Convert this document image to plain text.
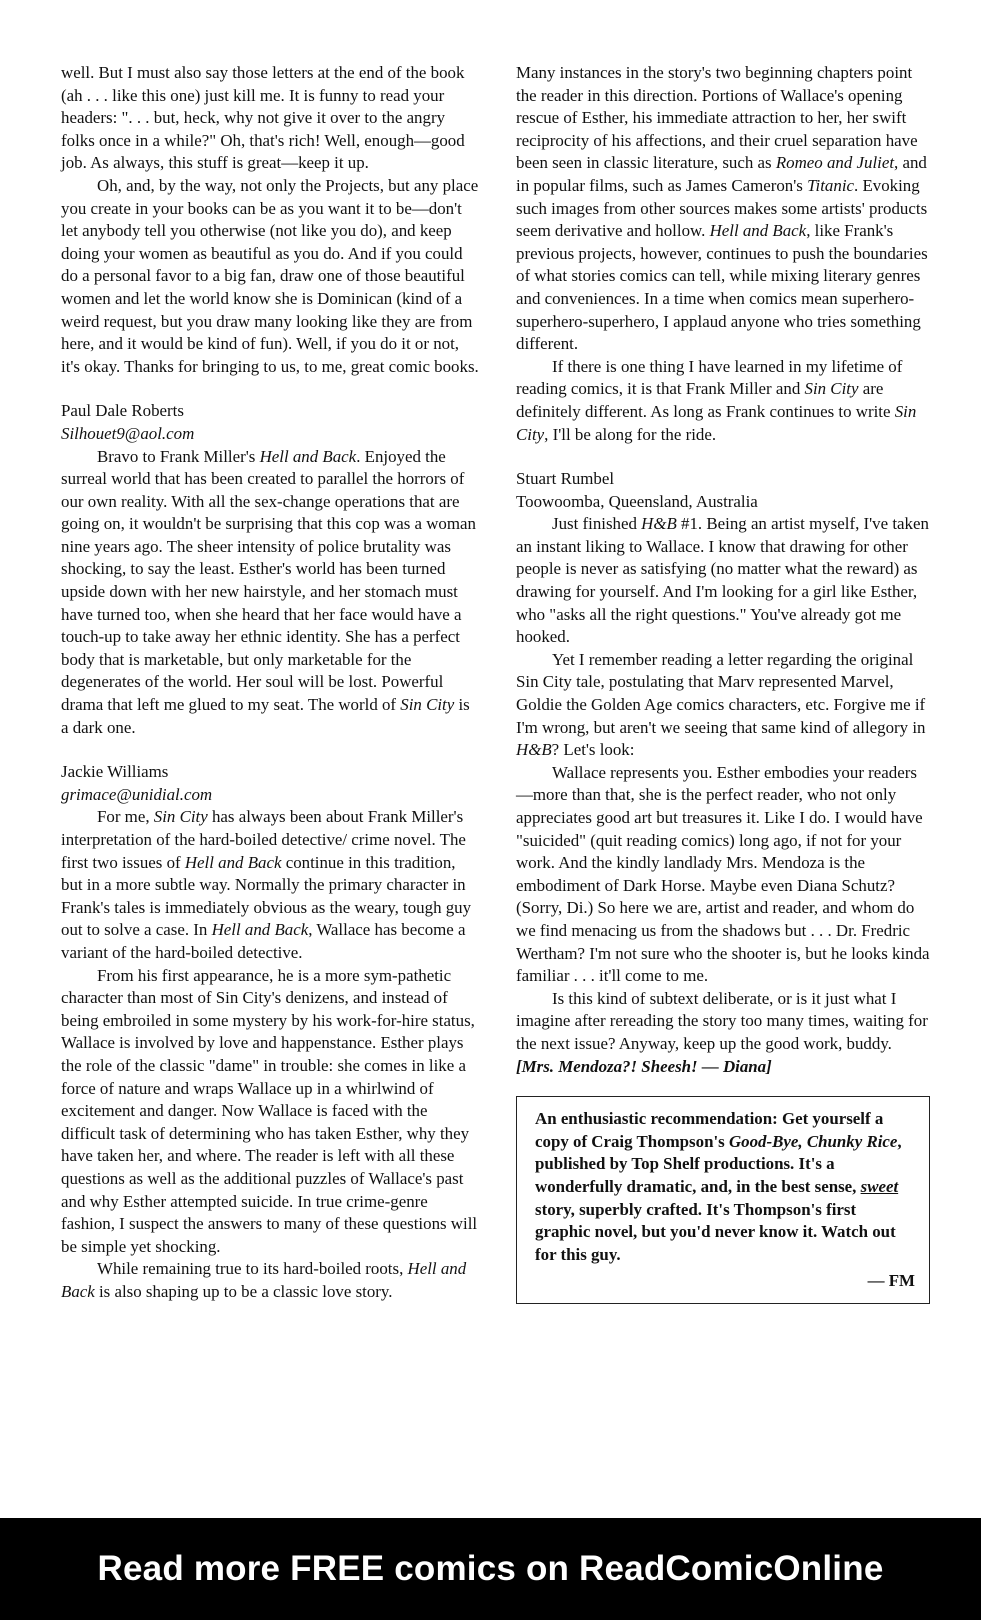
well. But I must also say those letters at the end of the book (ah . . . like this one) just kill me. It is funny to read your headers: ". . . but, heck, why not give it over to the angry folks once in a while?" Oh, that's rich! Well, enough—good job. As always, this stuff is great—keep it up.

Oh, and, by the way, not only the Projects, but any place you create in your books can be as you want it to be—don't let anybody tell you otherwise (not like you do), and keep doing your women as beautiful as you do. And if you could do a personal favor to a big fan, draw one of those beautiful women and let the world know she is Dominican (kind of a weird request, but you draw many looking like they are from here, and it would be kind of fun). Well, if you do it or not, it's okay. Thanks for bringing to us, to me, great comic books.

Paul Dale Roberts

Silhouet9@aol.com

Bravo to Frank Miller's Hell and Back. Enjoyed the surreal world that has been created to parallel the horrors of our own reality. With all the sex-change operations that are going on, it wouldn't be surprising that this cop was a woman nine years ago. The sheer intensity of police brutality was shocking, to say the least. Esther's world has been turned upside down with her new hairstyle, and her stomach must have turned too, when she heard that her face would have a touch-up to take away her ethnic identity. She has a perfect body that is marketable, but only marketable for the degenerates of the world. Her soul will be lost. Powerful drama that left me glued to my seat. The world of Sin City is a dark one.

Jackie Williams

grimace@unidial.com

For me, Sin City has always been about Frank Miller's interpretation of the hard-boiled detective/ crime novel. The first two issues of Hell and Back continue in this tradition, but in a more subtle way. Normally the primary character in Frank's tales is immediately obvious as the weary, tough guy out to solve a case. In Hell and Back, Wallace has become a variant of the hard-boiled detective.

From his first appearance, he is a more sym-pathetic character than most of Sin City's denizens, and instead of being embroiled in some mystery by his work-for-hire status, Wallace is involved by love and happenstance. Esther plays the role of the classic "dame" in trouble: she comes in like a force of nature and wraps Wallace up in a whirlwind of excitement and danger. Now Wallace is faced with the difficult task of determining who has taken Esther, why they have taken her, and where. The reader is left with all these questions as well as the additional puzzles of Wallace's past and why Esther attempted suicide. In true crime-genre fashion, I suspect the answers to many of these questions will be simple yet shocking.

While remaining true to its hard-boiled roots, Hell and Back is also shaping up to be a classic love story.

Many instances in the story's two beginning chapters point the reader in this direction. Portions of Wallace's opening rescue of Esther, his immediate attraction to her, her swift reciprocity of his affections, and their cruel separation have been seen in classic literature, such as Romeo and Juliet, and in popular films, such as James Cameron's Titanic. Evoking such images from other sources makes some artists' products seem derivative and hollow. Hell and Back, like Frank's previous projects, however, continues to push the boundaries of what stories comics can tell, while mixing literary genres and conveniences. In a time when comics mean superhero-superhero-superhero, I applaud anyone who tries something different.

If there is one thing I have learned in my lifetime of reading comics, it is that Frank Miller and Sin City are definitely different. As long as Frank continues to write Sin City, I'll be along for the ride.

Stuart Rumbel

Toowoomba, Queensland, Australia

Just finished H&B #1. Being an artist myself, I've taken an instant liking to Wallace. I know that drawing for other people is never as satisfying (no matter what the reward) as drawing for yourself. And I'm looking for a girl like Esther, who "asks all the right questions." You've already got me hooked.

Yet I remember reading a letter regarding the original Sin City tale, postulating that Marv represented Marvel, Goldie the Golden Age comics characters, etc. Forgive me if I'm wrong, but aren't we seeing that same kind of allegory in H&B? Let's look:

Wallace represents you. Esther embodies your readers—more than that, she is the perfect reader, who not only appreciates good art but treasures it. Like I do. I would have "suicided" (quit reading comics) long ago, if not for your work. And the kindly landlady Mrs. Mendoza is the embodiment of Dark Horse. Maybe even Diana Schutz? (Sorry, Di.) So here we are, artist and reader, and whom do we find menacing us from the shadows but . . . Dr. Fredric Wertham? I'm not sure who the shooter is, but he looks kinda familiar . . . it'll come to me.

Is this kind of subtext deliberate, or is it just what I imagine after rereading the story too many times, waiting for the next issue? Anyway, keep up the good work, buddy.

[Mrs. Mendoza?! Sheesh! — Diana]

An enthusiastic recommendation: Get yourself a copy of Craig Thompson's Good-Bye, Chunky Rice, published by Top Shelf productions. It's a wonderfully dramatic, and, in the best sense, sweet story, superbly crafted. It's Thompson's first graphic novel, but you'd never know it. Watch out for this guy.
— FM
Read more FREE comics on ReadComicOnline
